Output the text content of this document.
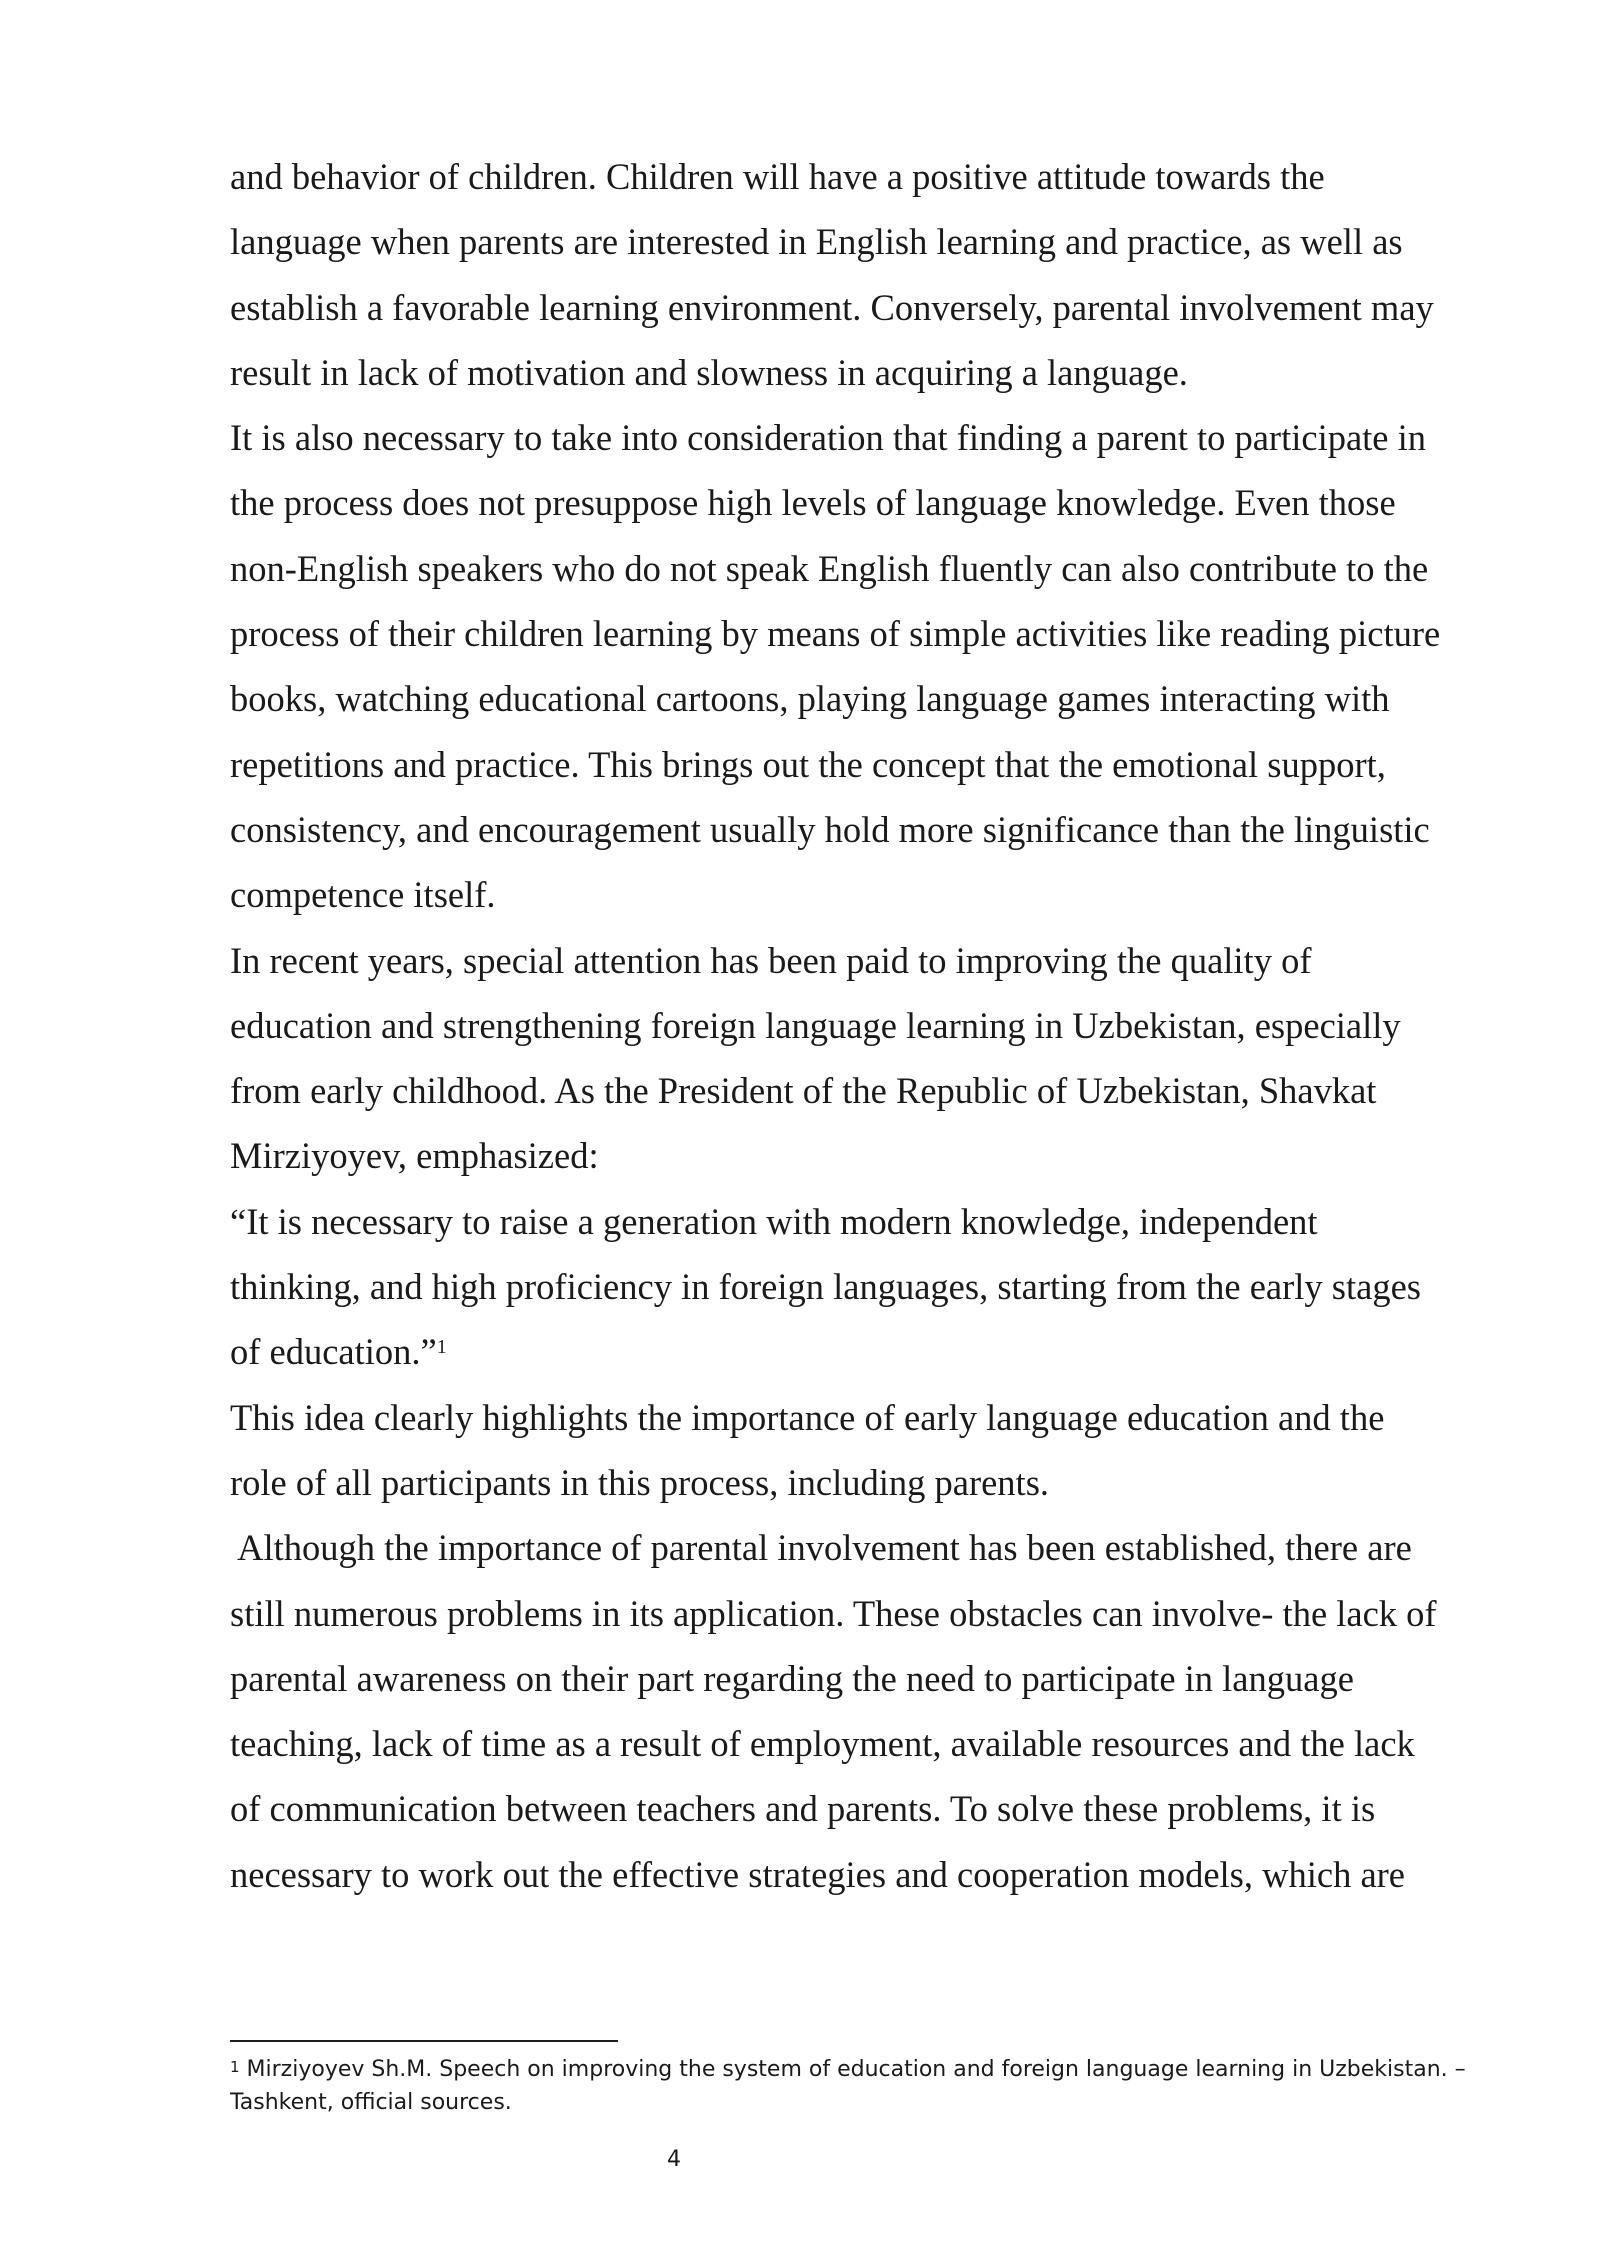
and behavior of children. Children will have a positive attitude towards the
language when parents are interested in English learning and practice, as well as
establish a favorable learning environment. Conversely, parental involvement may
result in lack of motivation and slowness in acquiring a language.
It is also necessary to take into consideration that finding a parent to participate in
the process does not presuppose high levels of language knowledge. Even those
non-English speakers who do not speak English fluently can also contribute to the
process of their children learning by means of simple activities like reading picture
books, watching educational cartoons, playing language games interacting with
repetitions and practice. This brings out the concept that the emotional support,
consistency, and encouragement usually hold more significance than the linguistic
competence itself.
In recent years, special attention has been paid to improving the quality of
education and strengthening foreign language learning in Uzbekistan, especially
from early childhood. As the President of the Republic of Uzbekistan, Shavkat
Mirziyoyev, emphasized:
“It is necessary to raise a generation with modern knowledge, independent
thinking, and high proficiency in foreign languages, starting from the early stages
of education.”$^1$
This idea clearly highlights the importance of early language education and the
role of all participants in this process, including parents.
Although the importance of parental involvement has been established, there are
still numerous problems in its application. These obstacles can involve- the lack of
parental awareness on their part regarding the need to participate in language
teaching, lack of time as a result of employment, available resources and the lack
of communication between teachers and parents. To solve these problems, it is
necessary to work out the effective strategies and cooperation models, which are
$^1$ Mirziyoyev Sh.M. Speech on improving the system of education and foreign language learning in Uzbekistan. –
Tashkent, official sources.
4
